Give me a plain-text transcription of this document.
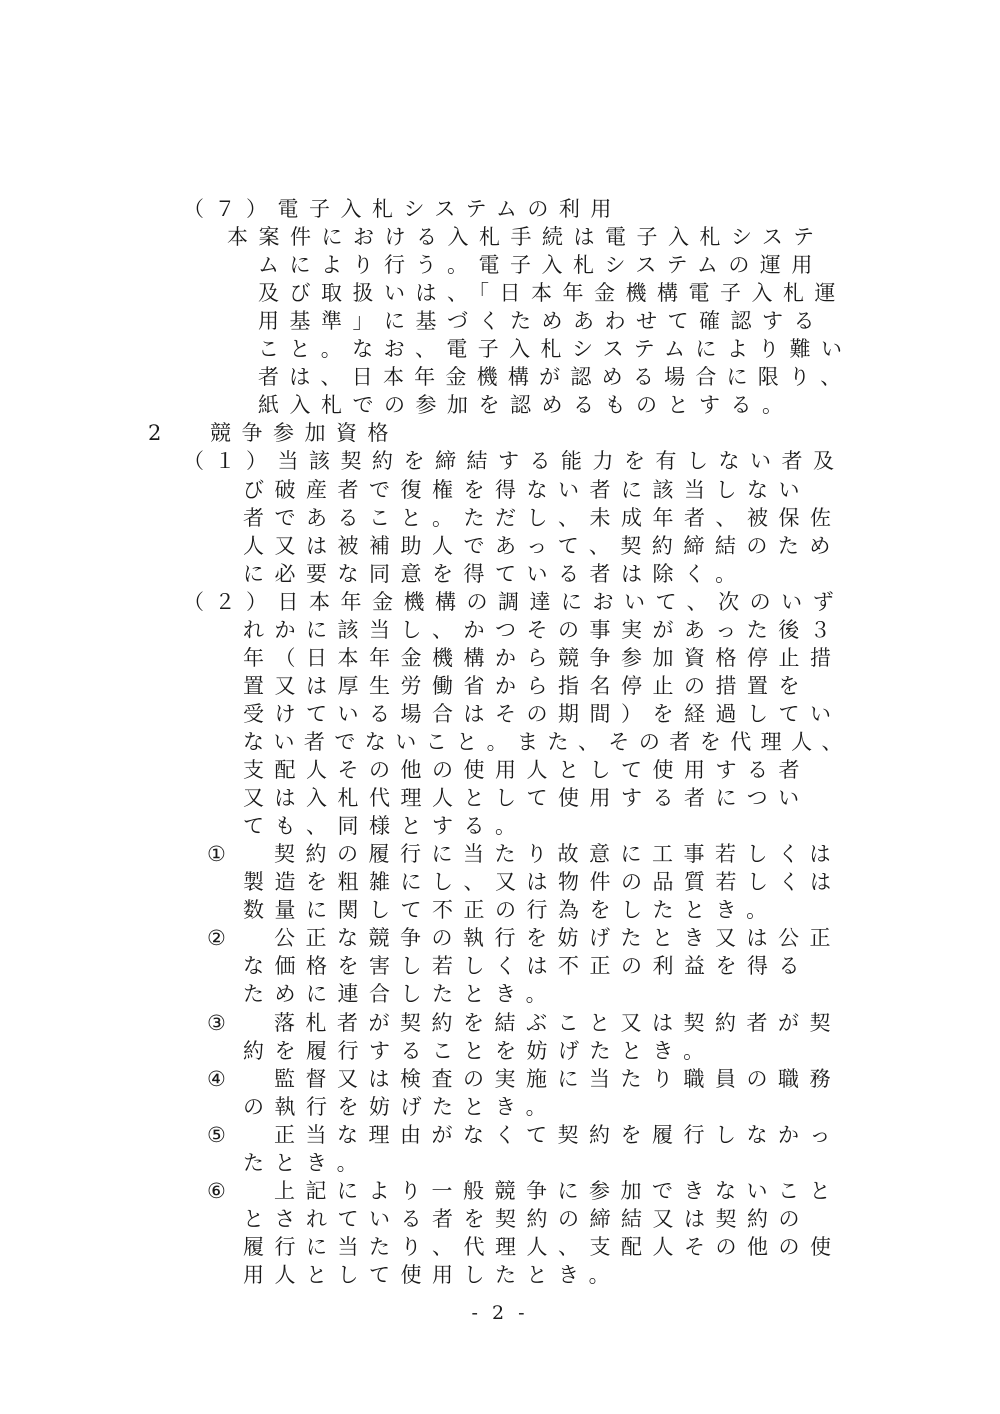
（７）電子入札システムの利用
本案件における入札手続は電子入札システ
ムにより行う。電子入札システムの運用
及び取扱いは、「日本年金機構電子入札運
用基準」に基づくためあわせて確認する
こと。なお、電子入札システムにより難い
者は、日本年金機構が認める場合に限り、
紙入札での参加を認めるものとする。
2 競争参加資格
（１）当該契約を締結する能力を有しない者及
び破産者で復権を得ない者に該当しない
者であること。ただし、未成年者、被保佐
人又は被補助人であって、契約締結のため
に必要な同意を得ている者は除く。
（２）日本年金機構の調達において、次のいず
れかに該当し、かつその事実があった後３
年（日本年金機構から競争参加資格停止措
置又は厚生労働省から指名停止の措置を
受けている場合はその期間）を経過してい
ない者でないこと。また、その者を代理人、
支配人その他の使用人として使用する者
又は入札代理人として使用する者につい
ても、同様とする。
① 契約の履行に当たり故意に工事若しくは
製造を粗雑にし、又は物件の品質若しくは
数量に関して不正の行為をしたとき。
② 公正な競争の執行を妨げたとき又は公正
な価格を害し若しくは不正の利益を得る
ために連合したとき。
③ 落札者が契約を結ぶこと又は契約者が契
約を履行することを妨げたとき。
④ 監督又は検査の実施に当たり職員の職務
の執行を妨げたとき。
⑤ 正当な理由がなくて契約を履行しなかっ
たとき。
⑥ 上記により一般競争に参加できないこと
とされている者を契約の締結又は契約の
履行に当たり、代理人、支配人その他の使
用人として使用したとき。
- 2 -
